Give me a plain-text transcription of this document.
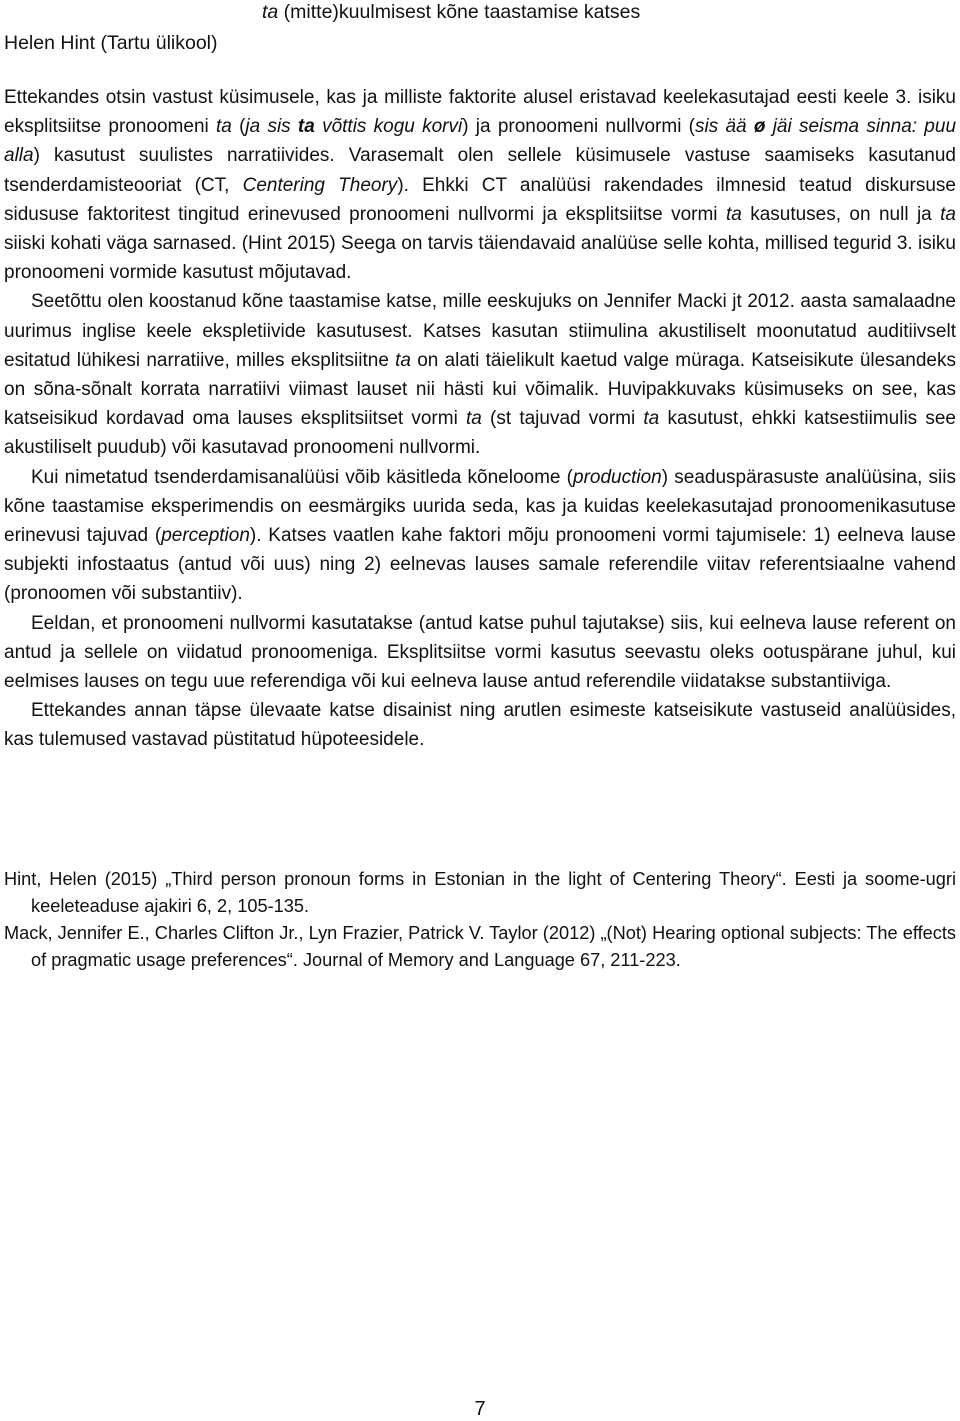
Helen Hint (Tartu ülikool)
ta (mitte)kuulmisest kõne taastamise katses

Ettekandes otsin vastust küsimusele, kas ja milliste faktorite alusel eristavad keelekasutajad eesti keele 3. isiku eksplitsiitse pronoomeni ta (ja sis ta võttis kogu korvi) ja pronoomeni nullvormi (sis ää ø jäi seisma sinna: puu alla) kasutust suulistes narratiivides. Varasemalt olen sellele küsimusele vastuse saamiseks kasutanud tsenderdamisteooriat (CT, Centering Theory). Ehkki CT analüüsi rakendades ilmnesid teatud diskursuse sidususe faktoritest tingitud erinevused pronoomeni nullvormi ja eksplitsiitse vormi ta kasutuses, on null ja ta siiski kohati väga sarnased. (Hint 2015) Seega on tarvis täiendavaid analüüse selle kohta, millised tegurid 3. isiku pronoomeni vormide kasutust mõjutavad.

Seetõttu olen koostanud kõne taastamise katse, mille eeskujuks on Jennifer Macki jt 2012. aasta samalaadne uurimus inglise keele ekspletiivide kasutusest. Katses kasutan stiimulina akustiliselt moonutatud auditiivselt esitatud lühikesi narratiive, milles eksplitsiitne ta on alati täielikult kaetud valge müraga. Katseisikute ülesandeks on sõna-sõnalt korrata narratiivi viimast lauset nii hästi kui võimalik. Huvipakkuvaks küsimuseks on see, kas katseisikud kordavad oma lauses eksplitsiitset vormi ta (st tajuvad vormi ta kasutust, ehkki katsestiimulis see akustiliselt puudub) või kasutavad pronoomeni nullvormi.

Kui nimetatud tsenderdamisanalüüsi võib käsitleda kõneloome (production) seaduspärasuste analüüsina, siis kõne taastamise eksperimendis on eesmärgiks uurida seda, kas ja kuidas keelekasutajad pronoomenikasutuse erinevusi tajuvad (perception). Katses vaatlen kahe faktori mõju pronoomeni vormi tajumisele: 1) eelneva lause subjekti infostaatus (antud või uus) ning 2) eelnevas lauses samale referendile viitav referentsiaalne vahend (pronoomen või substantiiv).

Eeldan, et pronoomeni nullvormi kasutatakse (antud katse puhul tajutakse) siis, kui eelneva lause referent on antud ja sellele on viidatud pronoomeniga. Eksplitsiitse vormi kasutus seevastu oleks ootuspärane juhul, kui eelmises lauses on tegu uue referendiga või kui eelneva lause antud referendile viidatakse substantiiviga.

Ettekandes annan täpse ülevaate katse disainist ning arutlen esimeste katseisikute vastuseid analüüsides, kas tulemused vastavad püstitatud hüpoteesidele.

Hint, Helen (2015) „Third person pronoun forms in Estonian in the light of Centering Theory“. Eesti ja soome-ugri keeleteaduse ajakiri 6, 2, 105-135.

Mack, Jennifer E., Charles Clifton Jr., Lyn Frazier, Patrick V. Taylor (2012) „(Not) Hearing optional subjects: The effects of pragmatic usage preferences“. Journal of Memory and Language 67, 211-223.

7
